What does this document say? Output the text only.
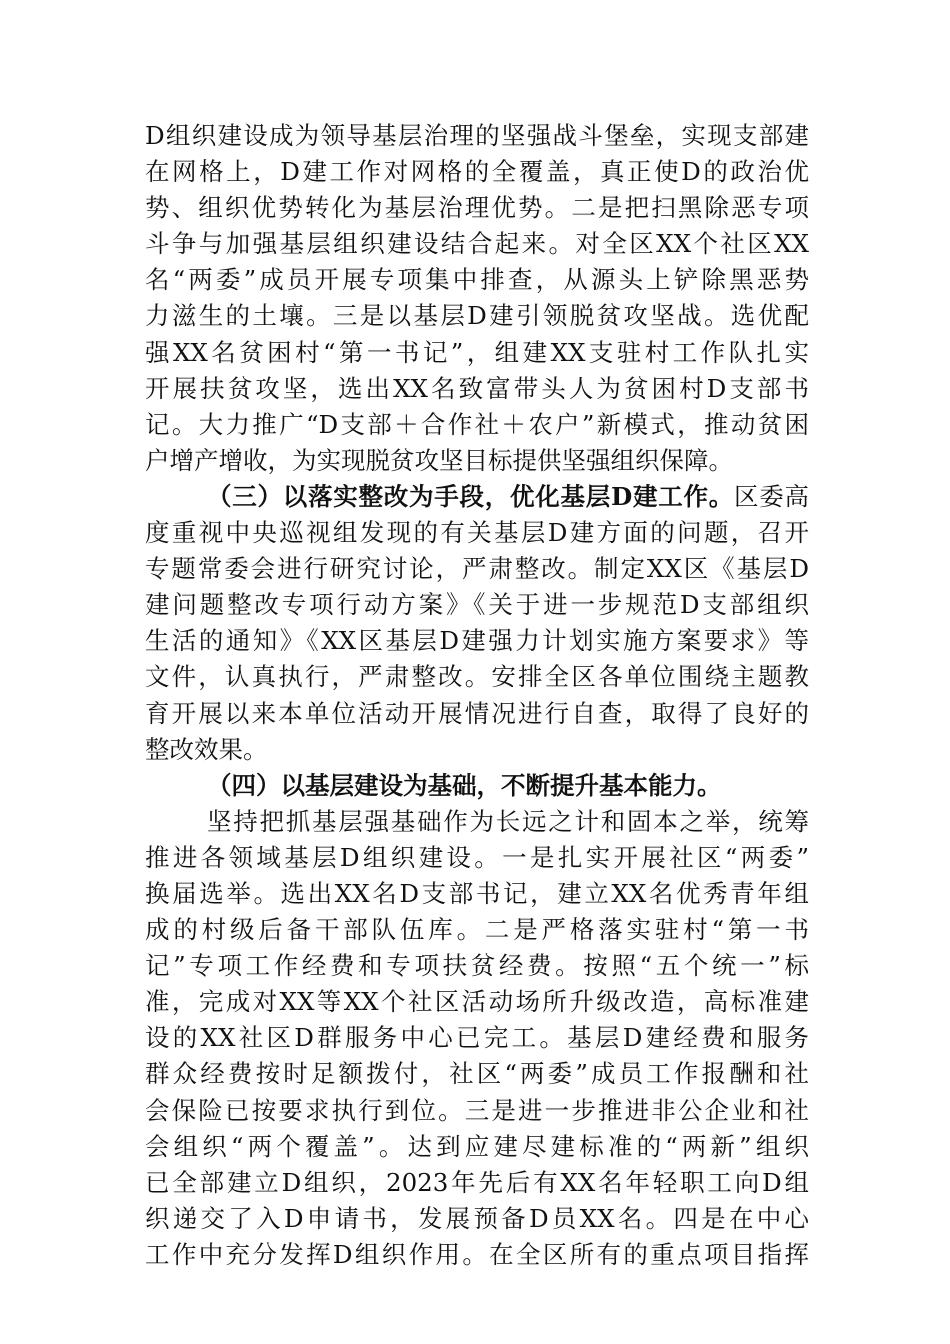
D组织建设成为领导基层治理的坚强战斗堡垒，实现支部建
在网格上，D建工作对网格的全覆盖，真正使D的政治优
势、组织优势转化为基层治理优势。二是把扫黑除恶专项
斗争与加强基层组织建设结合起来。对全区XX个社区XX
名“两委”成员开展专项集中排查，从源头上铲除黑恶势
力滋生的土壤。三是以基层D建引领脱贫攻坚战。选优配
强XX名贫困村“第一书记”，组建XX支驻村工作队扎实
开展扶贫攻坚，选出XX名致富带头人为贫困村D支部书
记。大力推广“D支部＋合作社＋农户”新模式，推动贫困
户增产增收，为实现脱贫攻坚目标提供坚强组织保障。
（三）以落实整改为手段，优化基层D建工作。区委高
度重视中央巡视组发现的有关基层D建方面的问题，召开
专题常委会进行研究讨论，严肃整改。制定XX区《基层D
建问题整改专项行动方案》《关于进一步规范D支部组织
生活的通知》《XX区基层D建强力计划实施方案要求》等
文件，认真执行，严肃整改。安排全区各单位围绕主题教
育开展以来本单位活动开展情况进行自查，取得了良好的
整改效果。
（四）以基层建设为基础，不断提升基本能力。
坚持把抓基层强基础作为长远之计和固本之举，统筹
推进各领域基层D组织建设。一是扎实开展社区“两委”
换届选举。选出XX名D支部书记，建立XX名优秀青年组
成的村级后备干部队伍库。二是严格落实驻村“第一书
记”专项工作经费和专项扶贫经费。按照“五个统一”标
准，完成对XX等XX个社区活动场所升级改造，高标准建
设的XX社区D群服务中心已完工。基层D建经费和服务
群众经费按时足额拨付，社区“两委”成员工作报酬和社
会保险已按要求执行到位。三是进一步推进非公企业和社
会组织“两个覆盖”。达到应建尽建标准的“两新”组织
已全部建立D组织，2023年先后有XX名年轻职工向D组
织递交了入D申请书，发展预备D员XX名。四是在中心
工作中充分发挥D组织作用。在全区所有的重点项目指挥
